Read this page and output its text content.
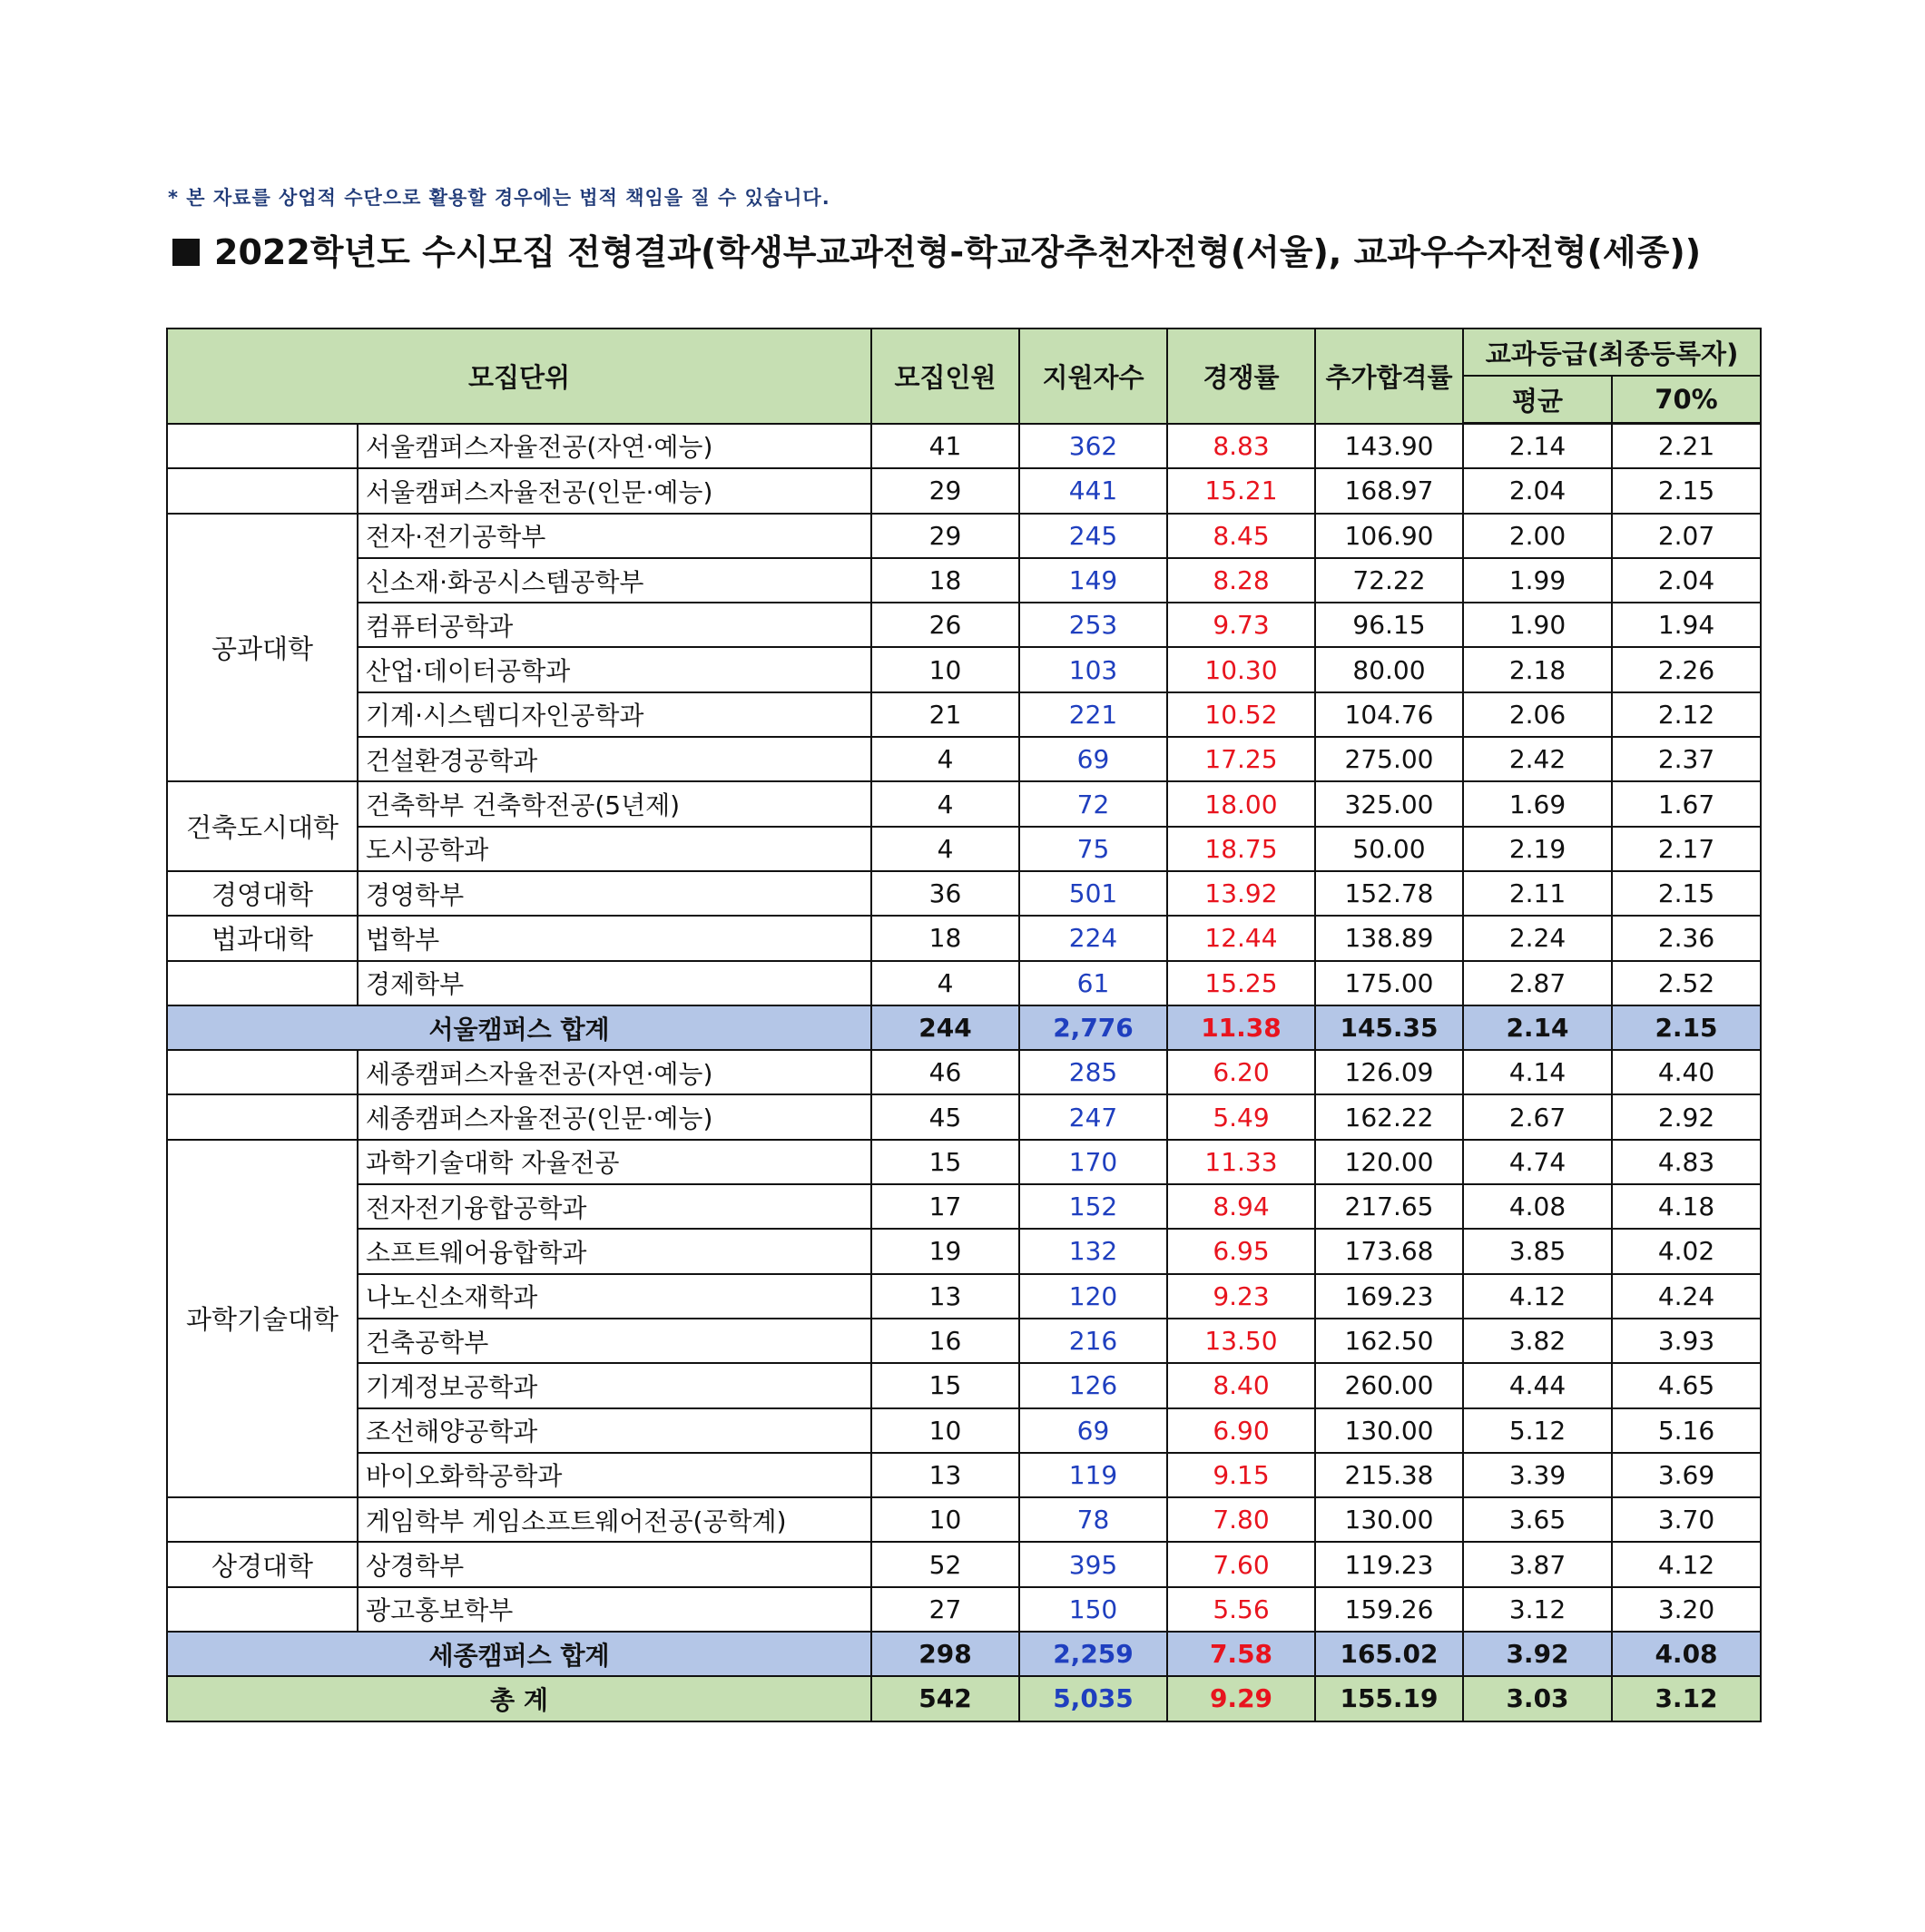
* 본 자료를 상업적 수단으로 활용할 경우에는 법적 책임을 질 수 있습니다.
2022학년도 수시모집 전형결과(학생부교과전형-학교장추천자전형(서울), 교과우수자전형(세종))
모집단위		모집인원	지원자수	경쟁률	추가합격률	교과등급(최종등록자)	
						평균	70%
	서울캠퍼스자율전공(자연·예능)	41	362	8.83	143.90	2.14	2.21
	서울캠퍼스자율전공(인문·예능)	29	441	15.21	168.97	2.04	2.15
공과대학	전자·전기공학부	29	245	8.45	106.90	2.00	2.07
	신소재·화공시스템공학부	18	149	8.28	72.22	1.99	2.04
	컴퓨터공학과	26	253	9.73	96.15	1.90	1.94
	산업·데이터공학과	10	103	10.30	80.00	2.18	2.26
	기계·시스템디자인공학과	21	221	10.52	104.76	2.06	2.12
	건설환경공학과	4	69	17.25	275.00	2.42	2.37
건축도시대학	건축학부 건축학전공(5년제)	4	72	18.00	325.00	1.69	1.67
	도시공학과	4	75	18.75	50.00	2.19	2.17
경영대학	경영학부	36	501	13.92	152.78	2.11	2.15
법과대학	법학부	18	224	12.44	138.89	2.24	2.36
	경제학부	4	61	15.25	175.00	2.87	2.52
서울캠퍼스 합계		244	2,776	11.38	145.35	2.14	2.15
	세종캠퍼스자율전공(자연·예능)	46	285	6.20	126.09	4.14	4.40
	세종캠퍼스자율전공(인문·예능)	45	247	5.49	162.22	2.67	2.92
과학기술대학	과학기술대학 자율전공	15	170	11.33	120.00	4.74	4.83
	전자전기융합공학과	17	152	8.94	217.65	4.08	4.18
	소프트웨어융합학과	19	132	6.95	173.68	3.85	4.02
	나노신소재학과	13	120	9.23	169.23	4.12	4.24
	건축공학부	16	216	13.50	162.50	3.82	3.93
	기계정보공학과	15	126	8.40	260.00	4.44	4.65
	조선해양공학과	10	69	6.90	130.00	5.12	5.16
	바이오화학공학과	13	119	9.15	215.38	3.39	3.69
	게임학부 게임소프트웨어전공(공학계)	10	78	7.80	130.00	3.65	3.70
상경대학	상경학부	52	395	7.60	119.23	3.87	4.12
	광고홍보학부	27	150	5.56	159.26	3.12	3.20
세종캠퍼스 합계		298	2,259	7.58	165.02	3.92	4.08
총 계		542	5,035	9.29	155.19	3.03	3.12
